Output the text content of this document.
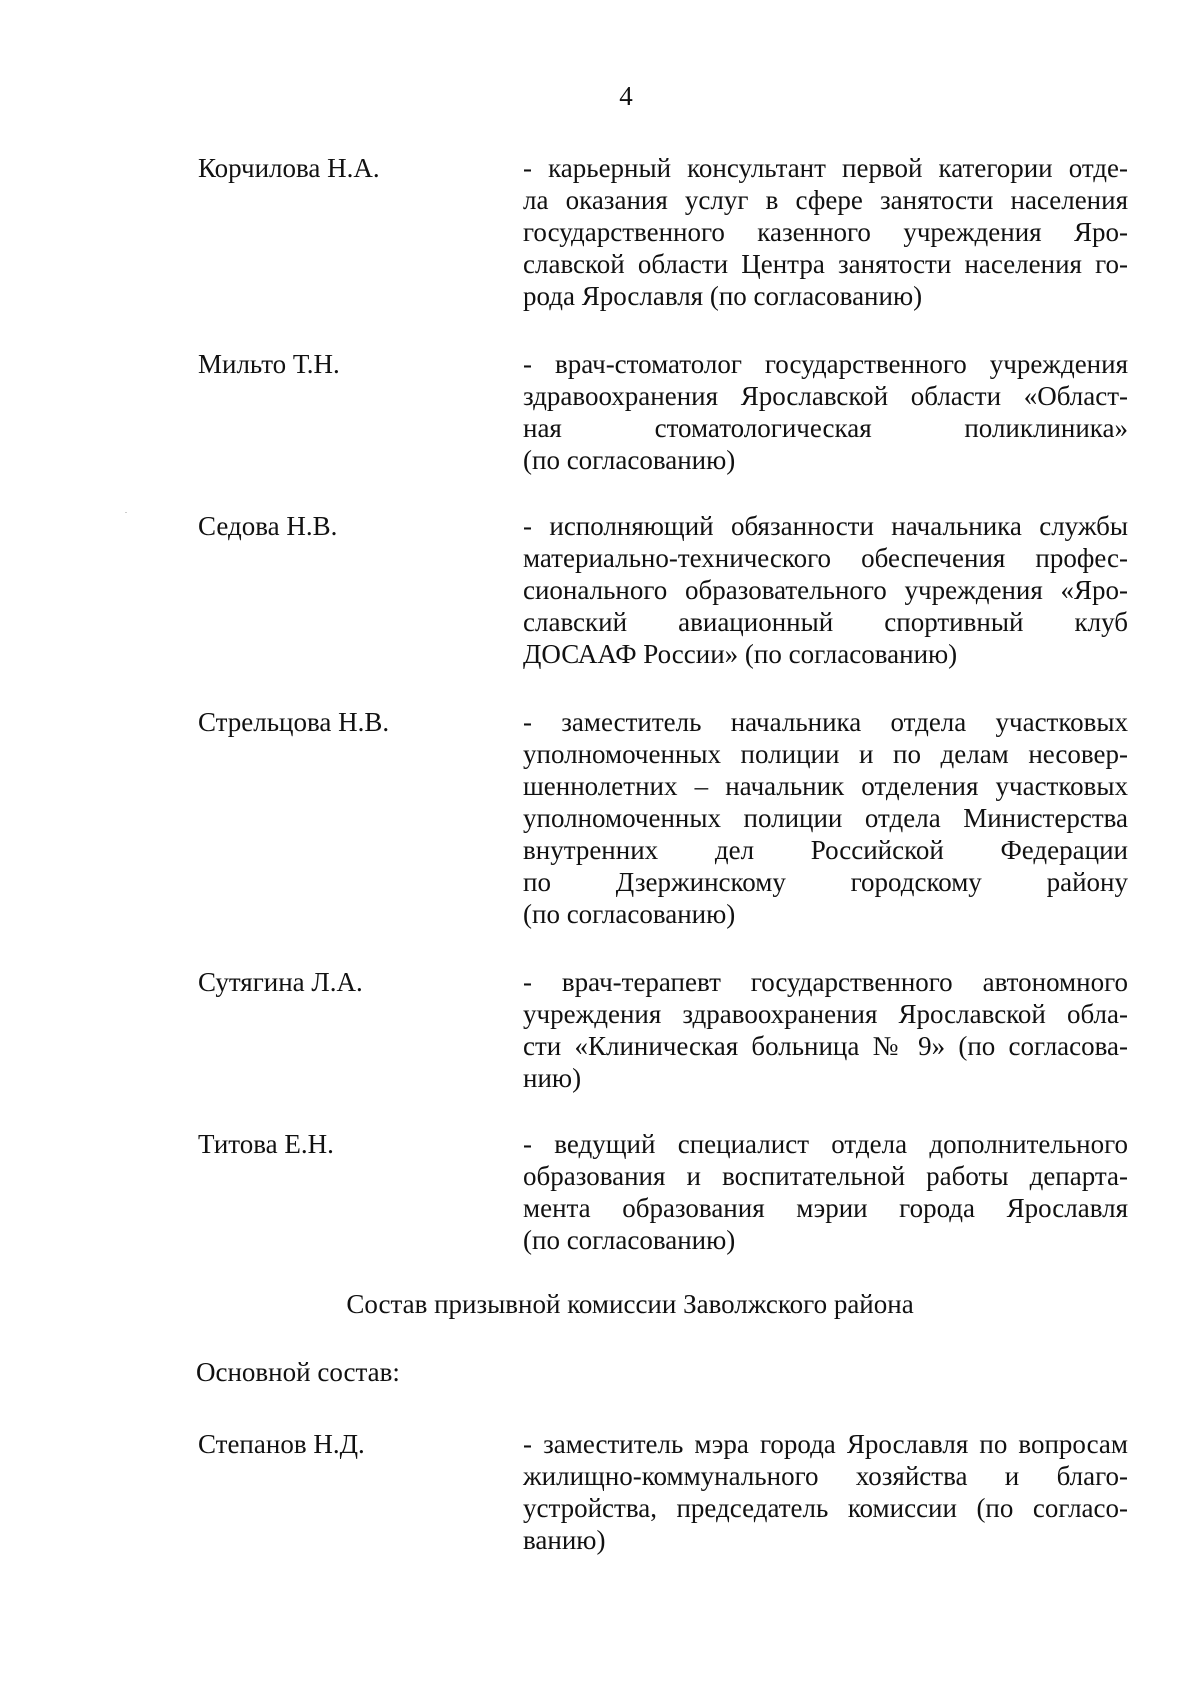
4
Корчилова Н.А.	- карьерный консультант первой категории отде-
ла оказания услуг в сфере занятости населения
государственного казенного учреждения Яро-
славской области Центра занятости населения го-
рода Ярославля (по согласованию)
Мильто Т.Н.	- врач-стоматолог государственного учреждения
здравоохранения Ярославской области «Област-
ная стоматологическая поликлиника»
(по согласованию)
Седова Н.В.	- исполняющий обязанности начальника службы
материально-технического обеспечения профес-
сионального образовательного учреждения «Яро-
славский авиационный спортивный клуб
ДОСААФ России» (по согласованию)
Стрельцова Н.В.	- заместитель начальника отдела участковых
уполномоченных полиции и по делам несовер-
шеннолетних – начальник отделения участковых
уполномоченных полиции отдела Министерства
внутренних дел Российской Федерации
по Дзержинскому городскому району
(по согласованию)
Сутягина Л.А.	- врач-терапевт государственного автономного
учреждения здравоохранения Ярославской обла-
сти «Клиническая больница № 9» (по согласова-
нию)
Титова Е.Н.	- ведущий специалист отдела дополнительного
образования и воспитательной работы департа-
мента образования мэрии города Ярославля
(по согласованию)
Состав призывной комиссии Заволжского района
Основной состав:
Степанов Н.Д.	- заместитель мэра города Ярославля по вопросам
жилищно-коммунального хозяйства и благо-
устройства, председатель комиссии (по согласо-
ванию)
